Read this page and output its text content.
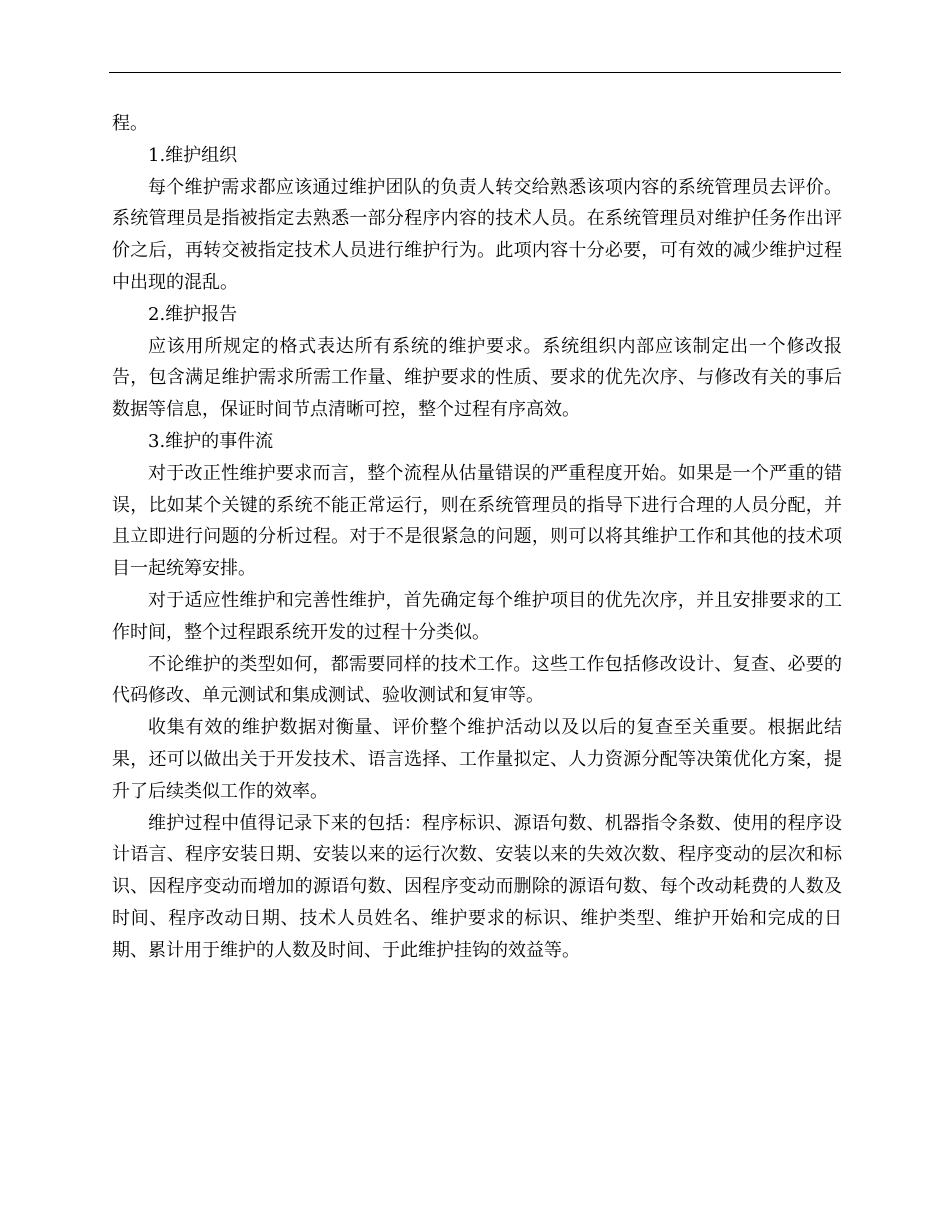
程。

1.维护组织

每个维护需求都应该通过维护团队的负责人转交给熟悉该项内容的系统管理员去评价。系统管理员是指被指定去熟悉一部分程序内容的技术人员。在系统管理员对维护任务作出评价之后，再转交被指定技术人员进行维护行为。此项内容十分必要，可有效的减少维护过程中出现的混乱。

2.维护报告

应该用所规定的格式表达所有系统的维护要求。系统组织内部应该制定出一个修改报告，包含满足维护需求所需工作量、维护要求的性质、要求的优先次序、与修改有关的事后数据等信息，保证时间节点清晰可控，整个过程有序高效。

3.维护的事件流

对于改正性维护要求而言，整个流程从估量错误的严重程度开始。如果是一个严重的错误，比如某个关键的系统不能正常运行，则在系统管理员的指导下进行合理的人员分配，并且立即进行问题的分析过程。对于不是很紧急的问题，则可以将其维护工作和其他的技术项目一起统筹安排。

对于适应性维护和完善性维护，首先确定每个维护项目的优先次序，并且安排要求的工作时间，整个过程跟系统开发的过程十分类似。

不论维护的类型如何，都需要同样的技术工作。这些工作包括修改设计、复查、必要的代码修改、单元测试和集成测试、验收测试和复审等。

收集有效的维护数据对衡量、评价整个维护活动以及以后的复查至关重要。根据此结果，还可以做出关于开发技术、语言选择、工作量拟定、人力资源分配等决策优化方案，提升了后续类似工作的效率。

维护过程中值得记录下来的包括：程序标识、源语句数、机器指令条数、使用的程序设计语言、程序安装日期、安装以来的运行次数、安装以来的失效次数、程序变动的层次和标识、因程序变动而增加的源语句数、因程序变动而删除的源语句数、每个改动耗费的人数及时间、程序改动日期、技术人员姓名、维护要求的标识、维护类型、维护开始和完成的日期、累计用于维护的人数及时间、于此维护挂钩的效益等。
